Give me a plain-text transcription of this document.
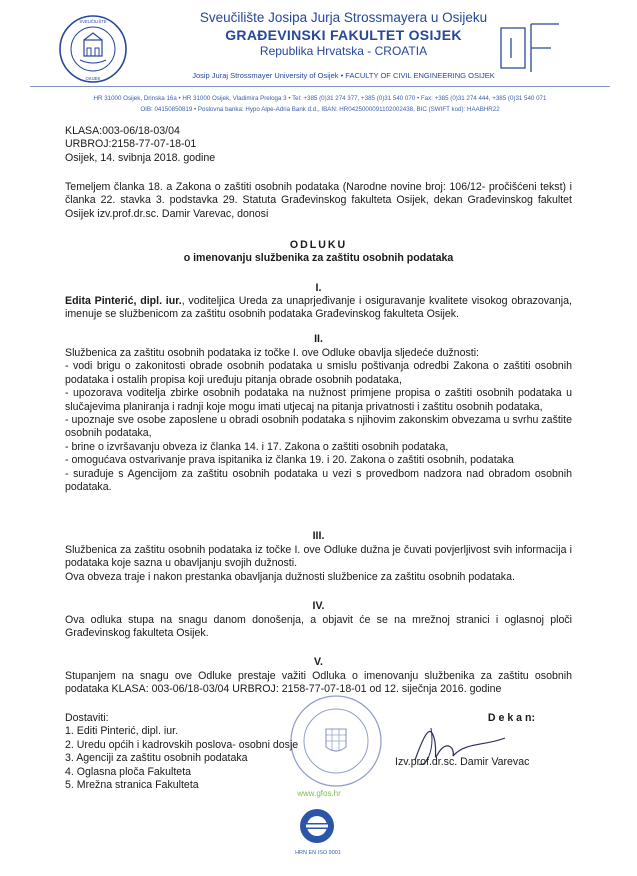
SVEUČILIŠTE
OSIJEK
Sveučilište Josipa Jurja Strossmayera u Osijeku
GRAĐEVINSKI FAKULTET OSIJEK
Republika Hrvatska - CROATIA
Josip Juraj Strossmayer University of Osijek • FACULTY OF CIVIL ENGINEERING OSIJEK
HR 31000 Osijek, Drinska 16a • HR 31000 Osijek, Vladimira Preloga 3 • Tel: +385 (0)31 274 377, +385 (0)31 540 070 • Fax: +385 (0)31 274 444, +385 (0)31 540 071
OIB: 04150850819 • Poslovna banka: Hypo Alpe-Adria Bank d.d., IBAN: HR0425000091102002438, BIC (SWIFT kod): HAABHR22
KLASA:003-06/18-03/04
URBROJ:2158-77-07-18-01
Osijek, 14. svibnja 2018. godine
Temeljem članka 18. a Zakona o zaštiti osobnih podataka (Narodne novine broj: 106/12- pročišćeni tekst) i članka 22. stavka 3. podstavka 29. Statuta Građevinskog fakulteta Osijek, dekan Građevinskog fakultet Osijek izv.prof.dr.sc. Damir Varevac, donosi
ODLUKU
o imenovanju službenika za zaštitu osobnih podataka
I.
Edita Pinterić, dipl. iur., voditeljica Ureda za unaprjeđivanje i osiguravanje kvalitete visokog obrazovanja, imenuje se službenicom za zaštitu osobnih podataka Građevinskog fakulteta Osijek.
II.
Službenica za zaštitu osobnih podataka iz točke I. ove Odluke obavlja sljedeće dužnosti:
- vodi brigu o zakonitosti obrade osobnih podataka u smislu poštivanja odredbi Zakona o zaštiti osobnih podataka i ostalih propisa koji uređuju pitanja obrade osobnih podataka,
- upozorava voditelja zbirke osobnih podataka na nužnost primjene propisa o zaštiti osobnih podataka u slučajevima planiranja i radnji koje mogu imati utjecaj na pitanja privatnosti i zaštitu osobnih podataka,
- upoznaje sve osobe zaposlene u obradi osobnih podataka s njihovim zakonskim obvezama u svrhu zaštite osobnih podataka,
- brine o izvršavanju obveza iz članka 14. i 17. Zakona o zaštiti osobnih podataka,
- omogućava ostvarivanje prava ispitanika iz članka 19. i 20. Zakona o zaštiti osobnih, podataka
- surađuje s Agencijom za zaštitu osobnih podataka u vezi s provedbom nadzora nad obradom osobnih podataka.
III.
Službenica za zaštitu osobnih podataka iz točke I. ove Odluke dužna je čuvati povjerljivost svih informacija i podataka koje sazna u obavljanju svojih dužnosti.
Ova obveza traje i nakon prestanka obavljanja dužnosti službenice za zaštitu osobnih podataka.
IV.
Ova odluka stupa na snagu danom donošenja, a objavit će se na mrežnoj stranici i oglasnoj ploči Građevinskog fakulteta Osijek.
V.
Stupanjem na snagu ove Odluke prestaje važiti Odluka o imenovanju službenika za zaštitu osobnih podataka KLASA: 003-06/18-03/04 URBROJ: 2158-77-07-18-01 od 12. siječnja 2016. godine
Dostaviti:
1. Editi Pinterić, dipl. iur.
2. Uredu općih i kadrovskih poslova- osobni dosje
3. Agenciji za zaštitu osobnih podataka
4. Oglasna ploča Fakulteta
5. Mrežna stranica Fakulteta
D e k a n:
Izv.prof.dr.sc. Damir Varevac
www.gfos.hr
HRN EN ISO 9001
